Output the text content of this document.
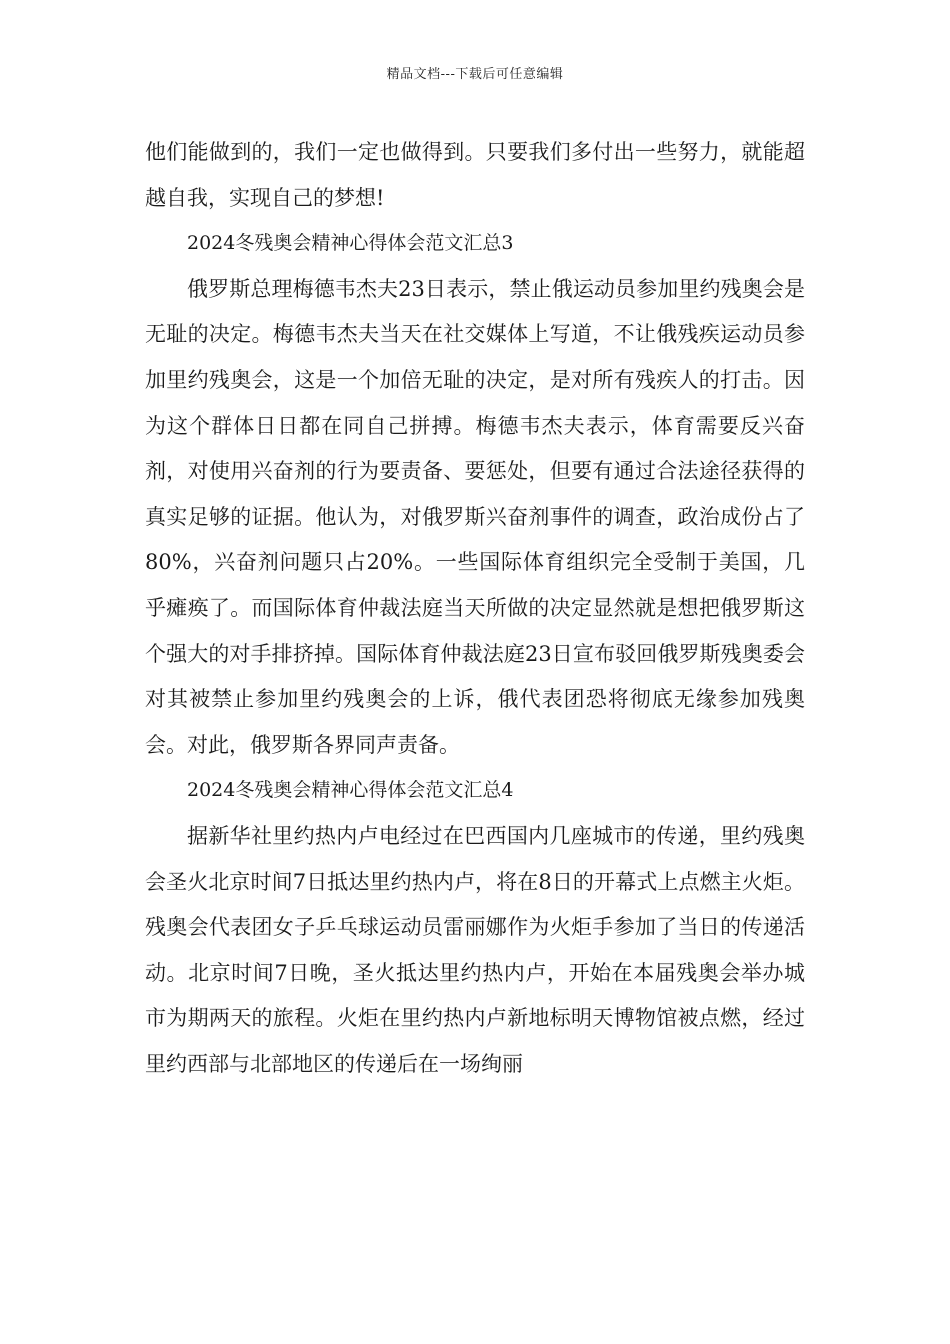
精品文档---下载后可任意编辑

他们能做到的，我们一定也做得到。只要我们多付出一些努力，就能超越自我，实现自己的梦想!

2024冬残奥会精神心得体会范文汇总3

俄罗斯总理梅德韦杰夫23日表示，禁止俄运动员参加里约残奥会是无耻的决定。梅德韦杰夫当天在社交媒体上写道，不让俄残疾运动员参加里约残奥会，这是一个加倍无耻的决定，是对所有残疾人的打击。因为这个群体日日都在同自己拼搏。梅德韦杰夫表示，体育需要反兴奋剂，对使用兴奋剂的行为要责备、要惩处，但要有通过合法途径获得的真实足够的证据。他认为，对俄罗斯兴奋剂事件的调查，政治成份占了80%，兴奋剂问题只占20%。一些国际体育组织完全受制于美国，几乎瘫痪了。而国际体育仲裁法庭当天所做的决定显然就是想把俄罗斯这个强大的对手排挤掉。国际体育仲裁法庭23日宣布驳回俄罗斯残奥委会对其被禁止参加里约残奥会的上诉，俄代表团恐将彻底无缘参加残奥会。对此，俄罗斯各界同声责备。

2024冬残奥会精神心得体会范文汇总4

据新华社里约热内卢电经过在巴西国内几座城市的传递，里约残奥会圣火北京时间7日抵达里约热内卢，将在8日的开幕式上点燃主火炬。残奥会代表团女子乒乓球运动员雷丽娜作为火炬手参加了当日的传递活动。北京时间7日晚，圣火抵达里约热内卢，开始在本届残奥会举办城市为期两天的旅程。火炬在里约热内卢新地标明天博物馆被点燃，经过里约西部与北部地区的传递后在一场绚丽
